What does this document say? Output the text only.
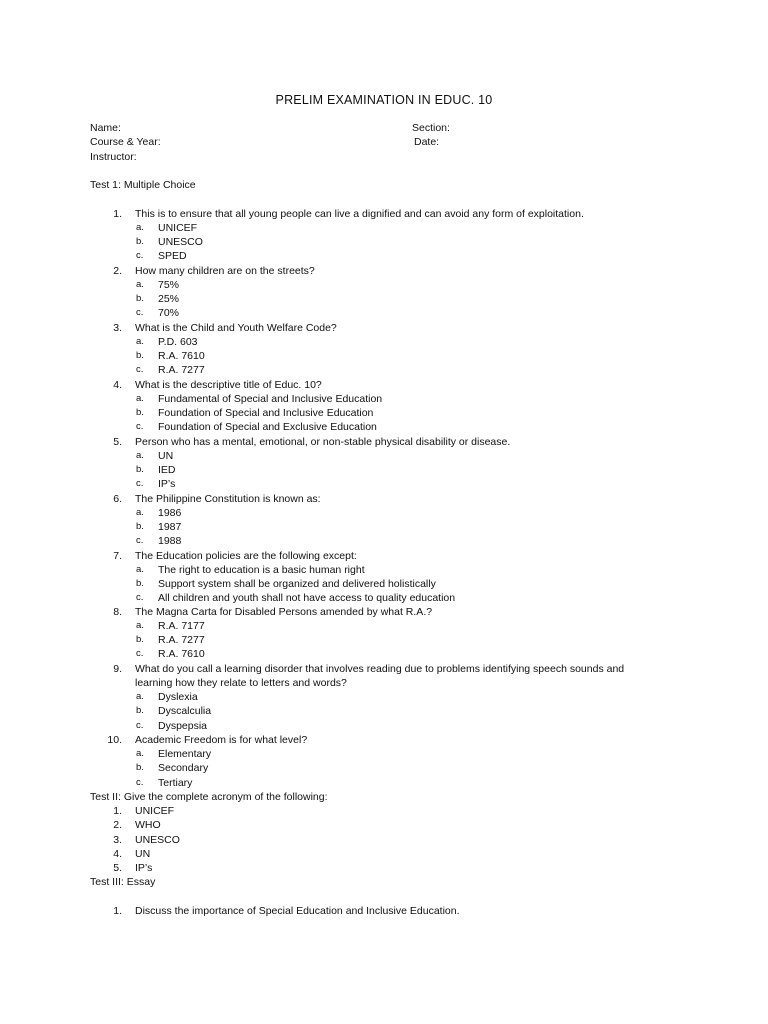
PRELIM EXAMINATION IN EDUC. 10
Name:	Section:
Course & Year:	Date:
Instructor:
Test 1: Multiple Choice
1. This is to ensure that all young people can live a dignified and can avoid any form of exploitation.
a. UNICEF
b. UNESCO
c. SPED
2. How many children are on the streets?
a. 75%
b. 25%
c. 70%
3. What is the Child and Youth Welfare Code?
a. P.D. 603
b. R.A. 7610
c. R.A. 7277
4. What is the descriptive title of Educ. 10?
a. Fundamental of Special and Inclusive Education
b. Foundation of Special and Inclusive Education
c. Foundation of Special and Exclusive Education
5. Person who has a mental, emotional, or non-stable physical disability or disease.
a. UN
b. IED
c. IP’s
6. The Philippine Constitution is known as:
a. 1986
b. 1987
c. 1988
7. The Education policies are the following except:
a. The right to education is a basic human right
b. Support system shall be organized and delivered holistically
c. All children and youth shall not have access to quality education
8. The Magna Carta for Disabled Persons amended by what R.A.?
a. R.A. 7177
b. R.A. 7277
c. R.A. 7610
9. What do you call a learning disorder that involves reading due to problems identifying speech sounds and learning how they relate to letters and words?
a. Dyslexia
b. Dyscalculia
c. Dyspepsia
10. Academic Freedom is for what level?
a. Elementary
b. Secondary
c. Tertiary
Test II: Give the complete acronym of the following:
1. UNICEF
2. WHO
3. UNESCO
4. UN
5. IP’s
Test III: Essay
1. Discuss the importance of Special Education and Inclusive Education.
